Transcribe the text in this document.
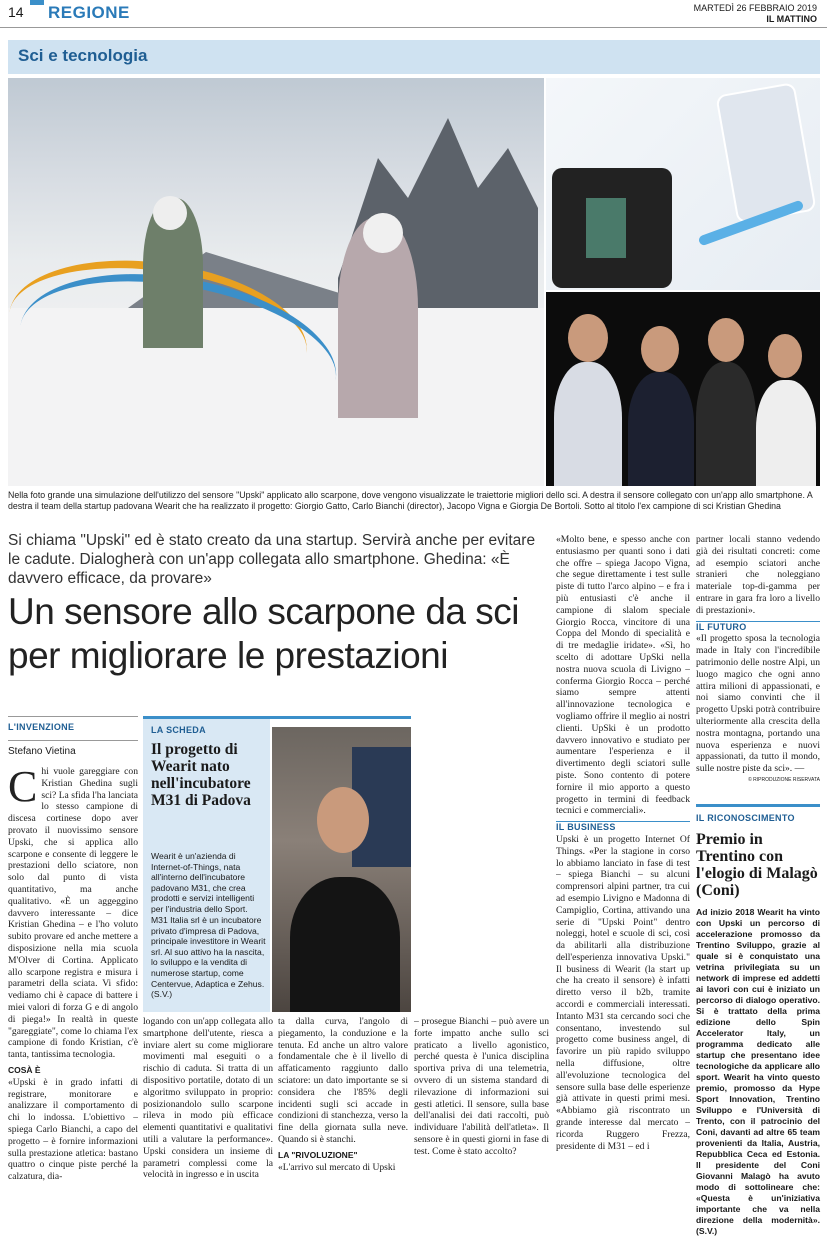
14 REGIONE	MARTEDÌ 26 FEBBRAIO 2019
IL MATTINO
Sci e tecnologia
Nella foto grande una simulazione dell'utilizzo del sensore "Upski" applicato allo scarpone, dove vengono visualizzate le traiettorie migliori dello sci. A destra il sensore collegato con un'app allo smartphone. A destra il team della startup padovana Wearit che ha realizzato il progetto: Giorgio Gatto, Carlo Bianchi (director), Jacopo Vigna e Giorgia De Bortoli. Sotto al titolo l'ex campione di sci Kristian Ghedina
Si chiama "Upski" ed è stato creato da una startup. Servirà anche per evitare le cadute. Dialogherà con un'app collegata allo smartphone. Ghedina: «È davvero efficace, da provare»
Un sensore allo scarpone da sci per migliorare le prestazioni
L'INVENZIONE
Stefano Vietina
C hi vuole gareggiare con Kristian Ghedina sugli sci? La sfida l'ha lanciata lo stesso campione di discesa cortinese dopo aver provato il nuovissimo sensore Upski, che si applica allo scarpone e consente di leggere le prestazioni dello sciatore, non solo dal punto di vista quantitativo, ma anche qualitativo. «È un aggeggino davvero interessante – dice Kristian Ghedina – e l'ho voluto subito provare ed anche mettere a disposizione nella mia scuola M'Olver di Cortina. Applicato allo scarpone registra e misura i parametri della sciata. Vi sfido: vediamo chi è capace di battere i miei valori di forza G e di angolo di piega!» In realtà in queste "gareggiate", come lo chiama l'ex campione di fondo Kristian, c'è tanta, tantissima tecnologia.
COSÀ È

«Upski è in grado infatti di registrare, monitorare e analizzare il comportamento di chi lo indossa. L'obiettivo – spiega Carlo Bianchi, a capo del progetto – è fornire informazioni sulla prestazione atletica: bastano quattro o cinque piste perché la calzatura, dia-

LA SCHEDA
Il progetto di Wearit nato nell'incubatore M31 di Padova
Wearit è un'azienda di Internet-of-Things, nata all'interno dell'incubatore padovano M31, che crea prodotti e servizi intelligenti per l'industria dello Sport.
M31 Italia srl è un incubatore privato d'impresa di Padova, principale investitore in Wearit srl. Al suo attivo ha la nascita, lo sviluppo e la vendita di numerose startup, come Centervue, Adaptica e Zehus. (S.V.)
logando con un'app collegata allo smartphone dell'utente, riesca a inviare alert su come migliorare movimenti mal eseguiti o a rischio di caduta. Si tratta di un dispositivo portatile, dotato di un algoritmo sviluppato in proprio: posizionandolo sullo scarpone rileva in modo più efficace elementi quantitativi e qualitativi utili a valutare la performance». Upski considera un insieme di parametri complessi come la velocità in ingresso e in uscita

ta dalla curva, l'angolo di piegamento, la conduzione e la tenuta. Ed anche un altro valore fondamentale che è il livello di affaticamento raggiunto dallo sciatore: un dato importante se si considera che l'85% degli incidenti sugli sci accade in condizioni di stanchezza, verso la fine della giornata sulla neve. Quando si è stanchi.

LA "RIVOLUZIONE"

«L'arrivo sul mercato di Upski

– prosegue Bianchi – può avere un forte impatto anche sullo sci praticato a livello agonistico, perché questa è l'unica disciplina sportiva priva di una telemetria, ovvero di un sistema standard di rilevazione di informazioni sui gesti atletici. Il sensore, sulla base dell'analisi dei dati raccolti, può individuare l'abilità dell'atleta». Il sensore è in questi giorni in fase di test. Come è stato accolto?

«Molto bene, e spesso anche con entusiasmo per quanti sono i dati che offre – spiega Jacopo Vigna, che segue direttamente i test sulle piste di tutto l'arco alpino – e fra i più entusiasti c'è anche il campione di slalom speciale Giorgio Rocca, vincitore di una Coppa del Mondo di specialità e di tre medaglie iridate». «Sì, ho scelto di adottare UpSki nella nostra nuova scuola di Livigno – conferma Giorgio Rocca – perché siamo sempre attenti all'innovazione tecnologica e vogliamo offrire il meglio ai nostri clienti. UpSki è un prodotto davvero innovativo e studiato per aumentare l'esperienza e il divertimento degli sciatori sulle piste. Sono contento di potere fornire il mio apporto a questo progetto in termini di feedback tecnici e commerciali».

IL BUSINESS

Upski è un progetto Internet Of Things. «Per la stagione in corso lo abbiamo lanciato in fase di test – spiega Bianchi – su alcuni comprensori alpini partner, tra cui ad esempio Livigno e Madonna di Campiglio, Cortina, attivando una serie di "Upski Point" dentro noleggi, hotel e scuole di sci, così da abilitarli alla distribuzione dell'esperienza innovativa Upski." Il business di Wearit (la start up che ha creato il sensore) è infatti diretto verso il b2b, tramite accordi e commerciali interessati. Intanto M31 sta cercando soci che consentano, investendo sul progetto come business angel, di favorire un più rapido sviluppo nella diffusione, oltre all'evoluzione tecnologica del sensore sulla base delle esperienze già attivate in questi primi mesi. «Abbiamo già riscontrato un grande interesse dal mercato – ricorda Ruggero Frezza, presidente di M31 – ed i

partner locali stanno vedendo già dei risultati concreti: come ad esempio sciatori anche stranieri che noleggiano materiale top-di-gamma per entrare in gara fra loro a livello di prestazioni».

IL FUTURO

«Il progetto sposa la tecnologia made in Italy con l'incredibile patrimonio delle nostre Alpi, un luogo magico che ogni anno attira milioni di appassionati, e noi siamo convinti che il progetto Upski potrà contribuire ulteriormente alla crescita della nostra montagna, portando una nuova esperienza e nuovi appassionati, da tutto il mondo, sulle nostre piste da sci». —

© RIPRODUZIONE RISERVATA
IL RICONOSCIMENTO
Premio in Trentino con l'elogio di Malagò (Coni)
Ad inizio 2018 Wearit ha vinto con Upski un percorso di accelerazione promosso da Trentino Sviluppo, grazie al quale si è conquistato una vetrina privilegiata su un network di imprese ed addetti ai lavori con cui è iniziato un percorso di dialogo operativo. Si è trattato della prima edizione dello Spin Accelerator Italy, un programma dedicato alle startup che presentano idee tecnologiche da applicare allo sport. Wearit ha vinto questo premio, promosso da Hype Sport Innovation, Trentino Sviluppo e l'Università di Trento, con il patrocinio del Coni, davanti ad altre 65 team provenienti da Italia, Austria, Repubblica Ceca ed Estonia. Il presidente del Coni Giovanni Malagò ha avuto modo di sottolineare che: «Questa è un'iniziativa importante che va nella direzione della modernità». (S.V.)
